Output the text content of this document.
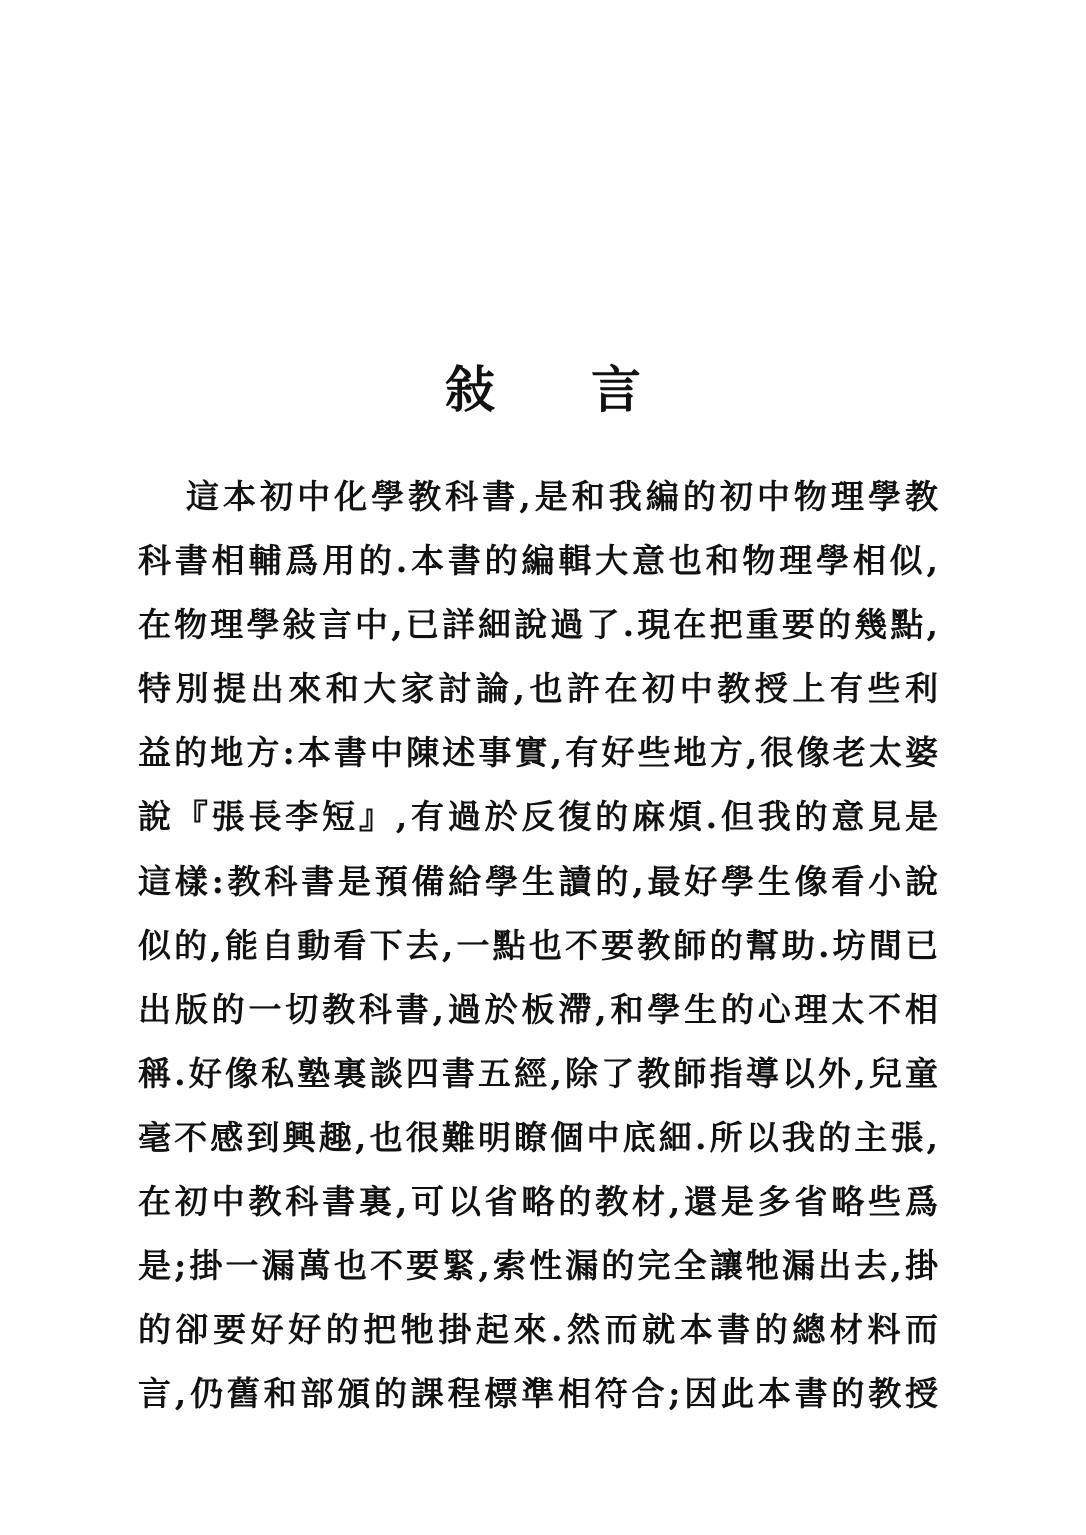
敍 言
這本初中化學教科書,是和我編的初中物理學教
科書相輔爲用的.本書的編輯大意也和物理學相似,
在物理學敍言中,已詳細說過了.現在把重要的幾點,
特別提出來和大家討論,也許在初中教授上有些利
益的地方:本書中陳述事實,有好些地方,很像老太婆
說『張長李短』,有過於反復的麻煩.但我的意見是
這樣:教科書是預備給學生讀的,最好學生像看小說
似的,能自動看下去,一點也不要教師的幫助.坊間已
出版的一切教科書,過於板滯,和學生的心理太不相
稱.好像私塾裏談四書五經,除了教師指導以外,兒童
毫不感到興趣,也很難明瞭個中底細.所以我的主張,
在初中教科書裏,可以省略的教材,還是多省略些爲
是;掛一漏萬也不要緊,索性漏的完全讓牠漏出去,掛
的卻要好好的把牠掛起來.然而就本書的總材料而
言,仍舊和部頒的課程標準相符合;因此本書的教授
